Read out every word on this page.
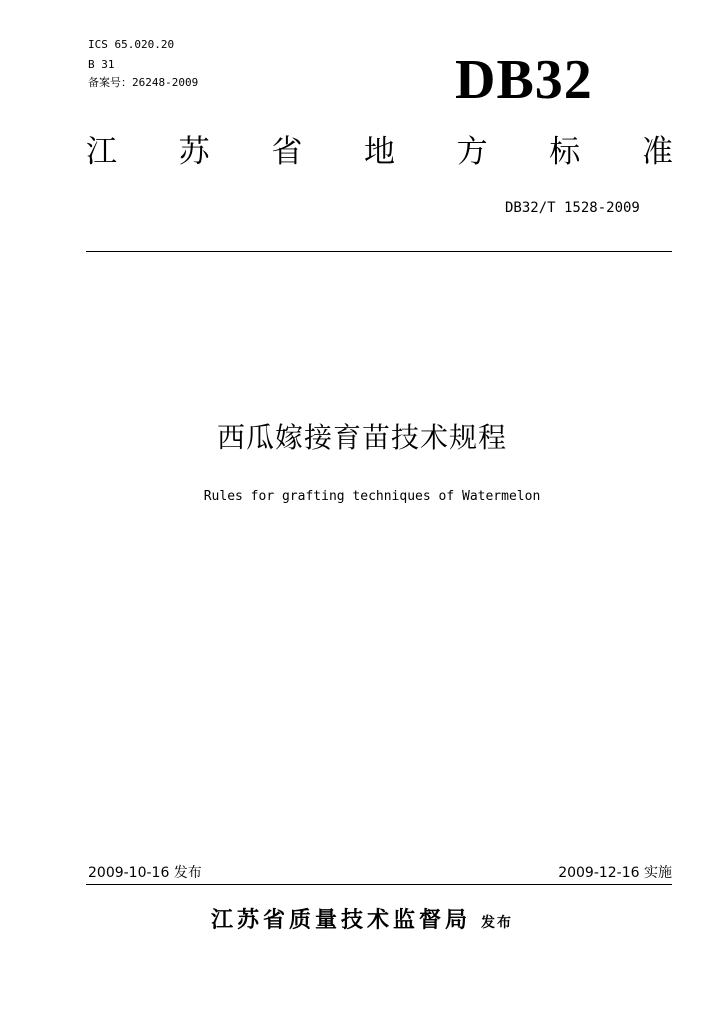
ICS 65.020.20
B 31
备案号：26248-2009	DB32
江 苏 省 地 方 标 准
DB32/T 1528-2009
西瓜嫁接育苗技术规程
Rules for grafting techniques of Watermelon
2009-10-16 发布	2009-12-16 实施
江苏省质量技术监督局 发布
